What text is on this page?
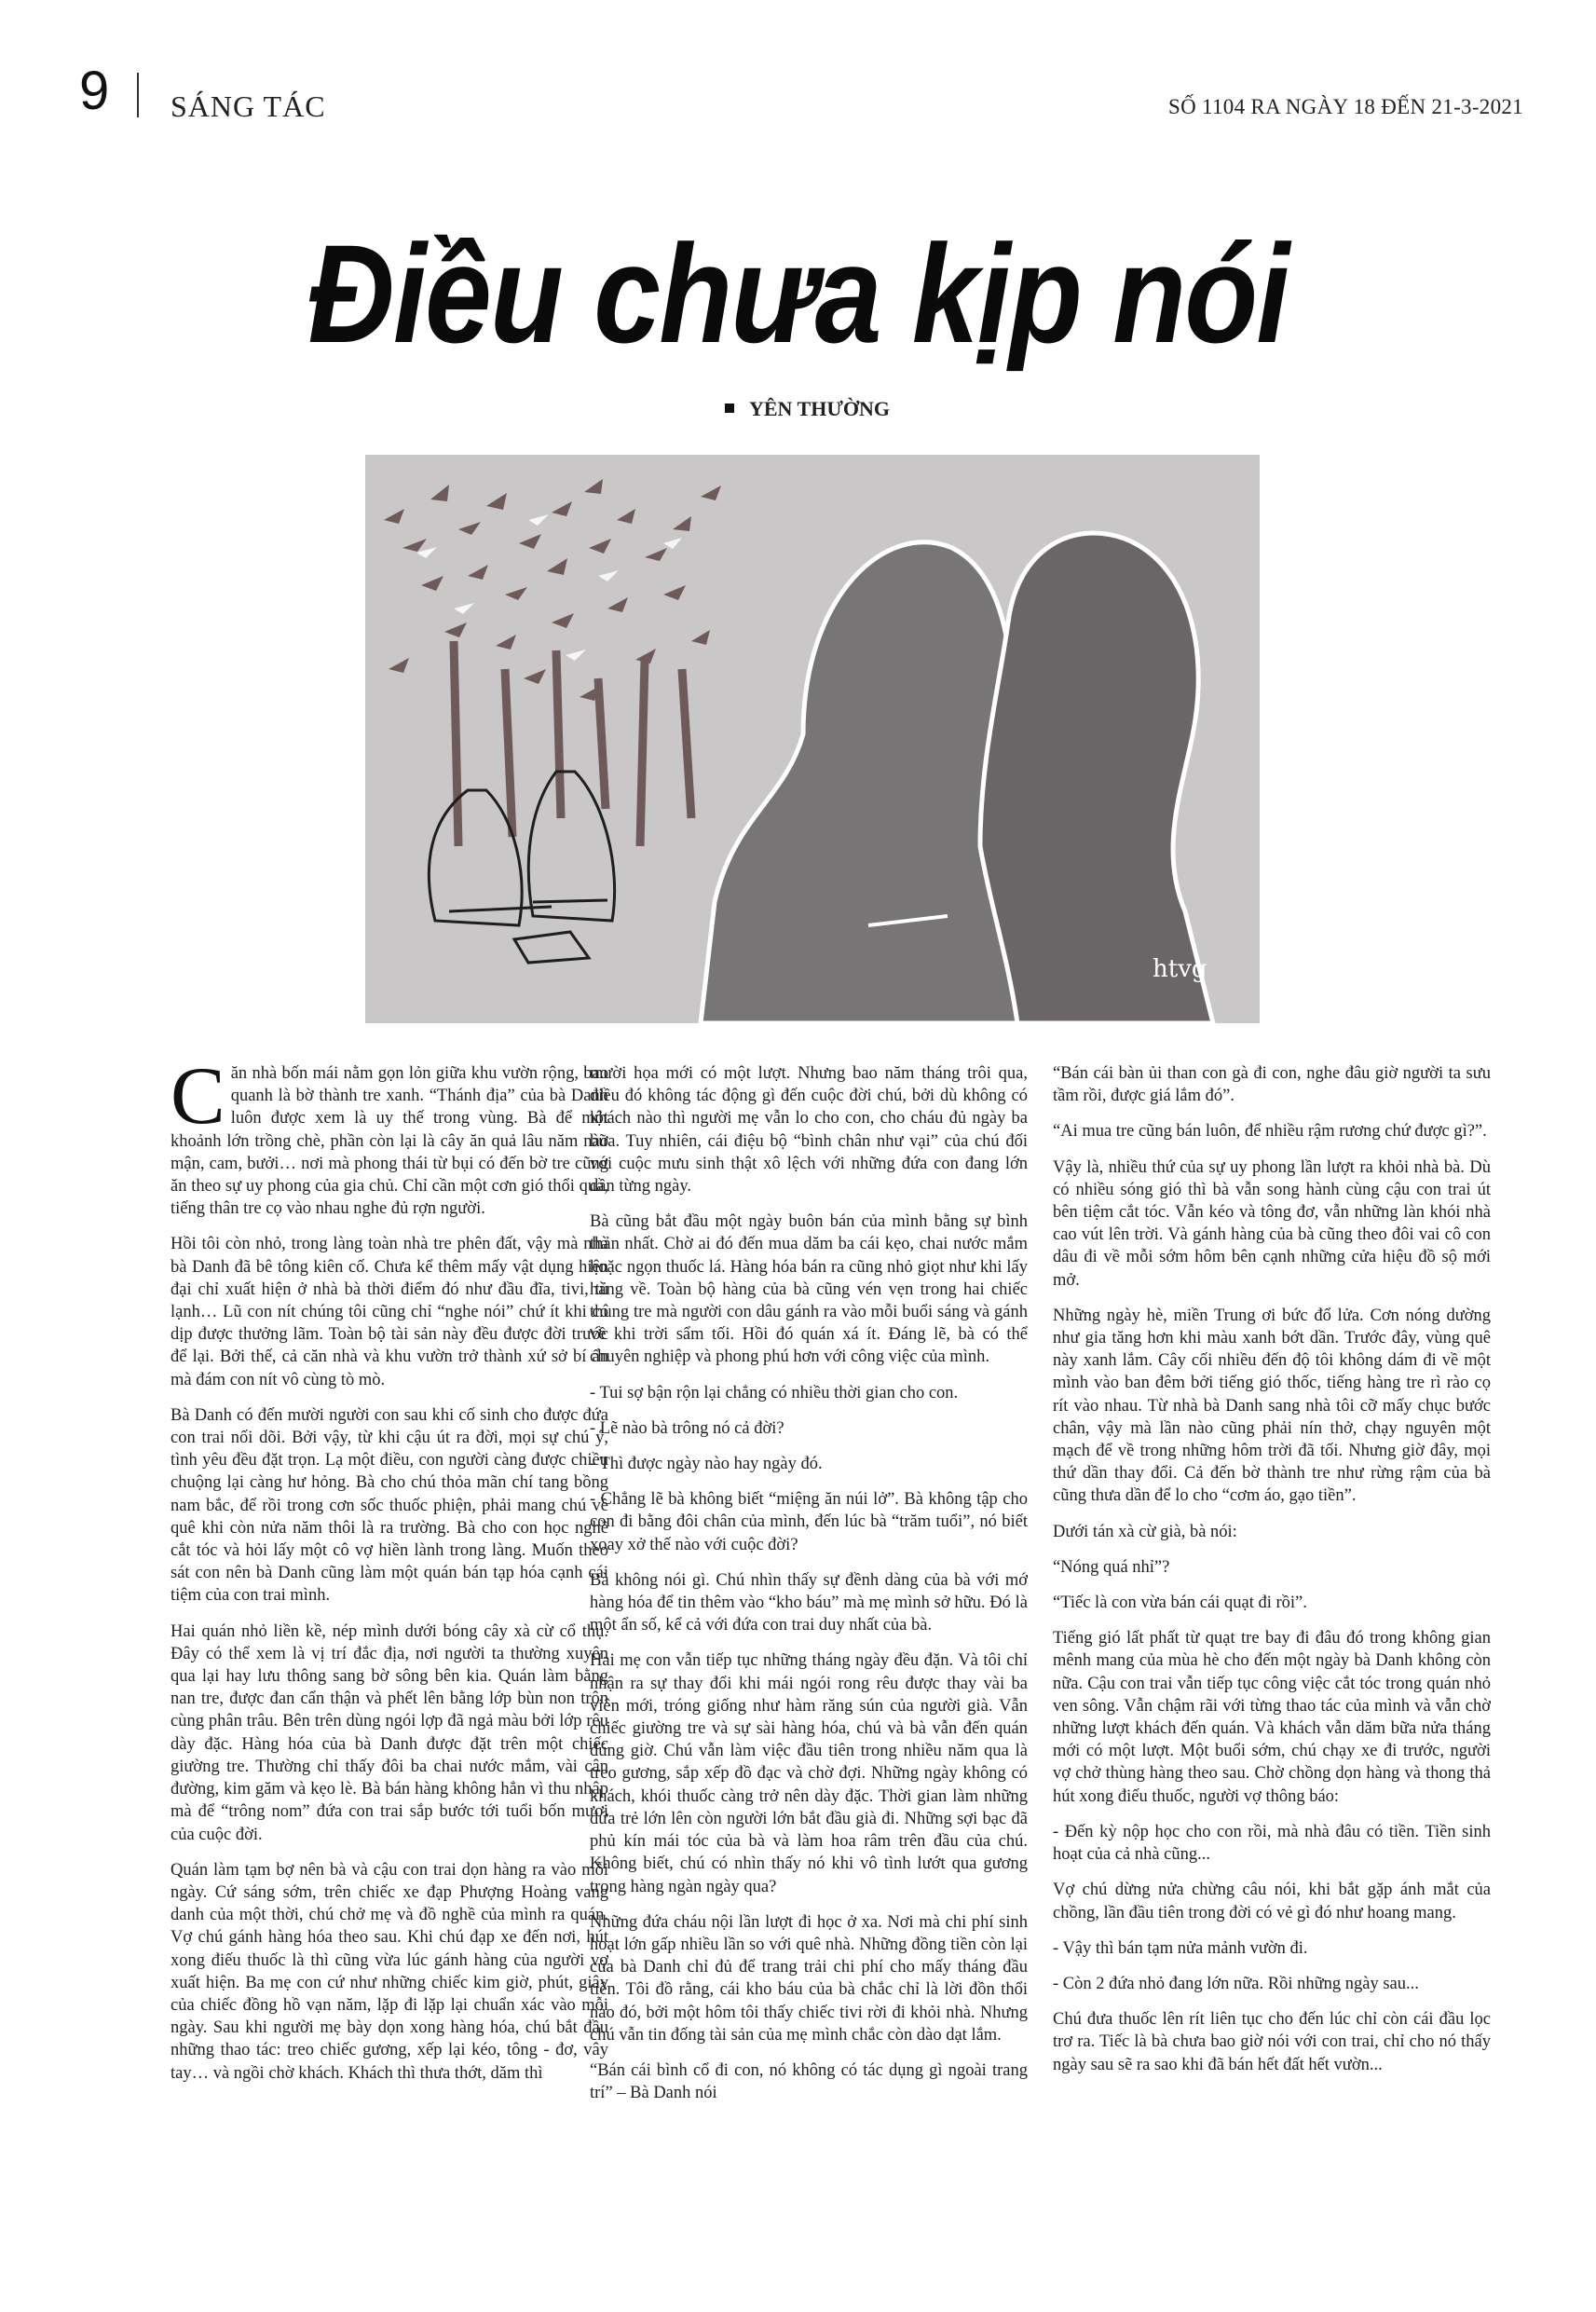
9 SÁNG TÁC	SỐ 1104 RA NGÀY 18 ĐẾN 21-3-2021
Điều chưa kịp nói
YÊN THƯỜNG
htvg

Căn nhà bốn mái nằm gọn lỏn giữa khu vườn rộng, bao quanh là bờ thành tre xanh. “Thánh địa” của bà Danh luôn được xem là uy thế trong vùng. Bà để một khoảnh lớn trồng chè, phần còn lại là cây ăn quả lâu năm nào mận, cam, bưởi… nơi mà phong thái từ bụi có đến bờ tre cũng ăn theo sự uy phong của gia chủ. Chỉ cần một cơn gió thổi qua, tiếng thân tre cọ vào nhau nghe đủ rợn người.

Hồi tôi còn nhỏ, trong làng toàn nhà tre phên đất, vậy mà nhà bà Danh đã bê tông kiên cố. Chưa kể thêm mấy vật dụng hiện đại chỉ xuất hiện ở nhà bà thời điểm đó như đầu đĩa, tivi, tủ lạnh… Lũ con nít chúng tôi cũng chỉ “nghe nói” chứ ít khi có dịp được thưởng lãm. Toàn bộ tài sản này đều được đời trước để lại. Bởi thế, cả căn nhà và khu vườn trở thành xứ sở bí ẩn mà đám con nít vô cùng tò mò.

Bà Danh có đến mười người con sau khi cố sinh cho được đứa con trai nối dõi. Bởi vậy, từ khi cậu út ra đời, mọi sự chú ý, tình yêu đều đặt trọn. Lạ một điều, con người càng được chiều chuộng lại càng hư hỏng. Bà cho chú thỏa mãn chí tang bồng nam bắc, để rồi trong cơn sốc thuốc phiện, phải mang chú về quê khi còn nửa năm thôi là ra trường. Bà cho con học nghề cắt tóc và hỏi lấy một cô vợ hiền lành trong làng. Muốn theo sát con nên bà Danh cũng làm một quán bán tạp hóa cạnh cái tiệm của con trai mình.

Hai quán nhỏ liền kề, nép mình dưới bóng cây xà cừ cổ thụ. Đây có thể xem là vị trí đắc địa, nơi người ta thường xuyên qua lại hay lưu thông sang bờ sông bên kia. Quán làm bằng nan tre, được đan cẩn thận và phết lên bằng lớp bùn non trộn cùng phân trâu. Bên trên dùng ngói lợp đã ngả màu bởi lớp rêu dày đặc. Hàng hóa của bà Danh được đặt trên một chiếc giường tre. Thường chỉ thấy đôi ba chai nước mắm, vài cân đường, kim găm và kẹo lè. Bà bán hàng không hẳn vì thu nhập mà để “trông nom” đứa con trai sắp bước tới tuổi bốn mươi của cuộc đời.

Quán làm tạm bợ nên bà và cậu con trai dọn hàng ra vào mỗi ngày. Cứ sáng sớm, trên chiếc xe đạp Phượng Hoàng vang danh của một thời, chú chở mẹ và đồ nghề của mình ra quán. Vợ chú gánh hàng hóa theo sau. Khi chú đạp xe đến nơi, hút xong điếu thuốc là thì cũng vừa lúc gánh hàng của người vợ xuất hiện. Ba mẹ con cứ như những chiếc kim giờ, phút, giây của chiếc đồng hồ vạn năm, lặp đi lặp lại chuẩn xác vào mỗi ngày. Sau khi người mẹ bày dọn xong hàng hóa, chú bắt đầu những thao tác: treo chiếc gương, xếp lại kéo, tông - đơ, vây tay… và ngồi chờ khách. Khách thì thưa thớt, dăm thì

mười họa mới có một lượt. Nhưng bao năm tháng trôi qua, điều đó không tác động gì đến cuộc đời chú, bởi dù không có khách nào thì người mẹ vẫn lo cho con, cho cháu đủ ngày ba bữa. Tuy nhiên, cái điệu bộ “bình chân như vại” của chú đối với cuộc mưu sinh thật xô lệch với những đứa con đang lớn dần từng ngày.

Bà cũng bắt đầu một ngày buôn bán của mình bằng sự bình thản nhất. Chờ ai đó đến mua dăm ba cái kẹo, chai nước mắm hoặc ngọn thuốc lá. Hàng hóa bán ra cũng nhỏ giọt như khi lấy hàng về. Toàn bộ hàng của bà cũng vén vẹn trong hai chiếc thùng tre mà người con dâu gánh ra vào mỗi buổi sáng và gánh về khi trời sẩm tối. Hồi đó quán xá ít. Đáng lẽ, bà có thể chuyên nghiệp và phong phú hơn với công việc của mình.

- Tui sợ bận rộn lại chẳng có nhiều thời gian cho con.

- Lẽ nào bà trông nó cả đời?

- Thì được ngày nào hay ngày đó.

- Chẳng lẽ bà không biết “miệng ăn núi lở”. Bà không tập cho con đi bằng đôi chân của mình, đến lúc bà “trăm tuổi”, nó biết xoay xở thế nào với cuộc đời?

Bà không nói gì. Chú nhìn thấy sự đềnh dàng của bà với mớ hàng hóa để tin thêm vào “kho báu” mà mẹ mình sở hữu. Đó là một ẩn số, kể cả với đứa con trai duy nhất của bà.

Hai mẹ con vẫn tiếp tục những tháng ngày đều đặn. Và tôi chỉ nhận ra sự thay đổi khi mái ngói rong rêu được thay vài ba viên mới, tróng giống như hàm răng sún của người già. Vẫn chiếc giường tre và sự sài hàng hóa, chú và bà vẫn đến quán đúng giờ. Chú vẫn làm việc đầu tiên trong nhiều năm qua là treo gương, sắp xếp đồ đạc và chờ đợi. Những ngày không có khách, khói thuốc càng trở nên dày đặc. Thời gian làm những đứa trẻ lớn lên còn người lớn bắt đầu già đi. Những sợi bạc đã phủ kín mái tóc của bà và làm hoa râm trên đầu của chú. Không biết, chú có nhìn thấy nó khi vô tình lướt qua gương trong hàng ngàn ngày qua?

Những đứa cháu nội lần lượt đi học ở xa. Nơi mà chi phí sinh hoạt lớn gấp nhiều lần so với quê nhà. Những đồng tiền còn lại của bà Danh chỉ đủ để trang trải chi phí cho mấy tháng đầu tiên. Tôi đồ rằng, cái kho báu của bà chắc chỉ là lời đồn thổi nào đó, bởi một hôm tôi thấy chiếc tivi rời đi khỏi nhà. Nhưng chú vẫn tin đống tài sản của mẹ mình chắc còn dào dạt lắm.

“Bán cái bình cổ đi con, nó không có tác dụng gì ngoài trang trí” – Bà Danh nói

“Bán cái bàn ủi than con gà đi con, nghe đâu giờ người ta sưu tầm rồi, được giá lắm đó”.

“Ai mua tre cũng bán luôn, để nhiều rậm rương chứ được gì?”.

Vậy là, nhiều thứ của sự uy phong lần lượt ra khỏi nhà bà. Dù có nhiều sóng gió thì bà vẫn song hành cùng cậu con trai út bên tiệm cắt tóc. Vẫn kéo và tông đơ, vẫn những làn khói nhà cao vút lên trời. Và gánh hàng của bà cũng theo đôi vai cô con dâu đi về mỗi sớm hôm bên cạnh những cửa hiệu đồ sộ mới mở.

Những ngày hè, miền Trung ơi bức đổ lửa. Cơn nóng dường như gia tăng hơn khi màu xanh bớt dần. Trước đây, vùng quê này xanh lắm. Cây cối nhiều đến độ tôi không dám đi về một mình vào ban đêm bởi tiếng gió thốc, tiếng hàng tre rì rào cọ rít vào nhau. Từ nhà bà Danh sang nhà tôi cỡ mấy chục bước chân, vậy mà lần nào cũng phải nín thở, chạy nguyên một mạch để về trong những hôm trời đã tối. Nhưng giờ đây, mọi thứ dần thay đổi. Cả đến bờ thành tre như rừng rậm của bà cũng thưa dần để lo cho “cơm áo, gạo tiền”.

Dưới tán xà cừ già, bà nói:

“Nóng quá nhỉ”?

“Tiếc là con vừa bán cái quạt đi rồi”.

Tiếng gió lất phất từ quạt tre bay đi đâu đó trong không gian mênh mang của mùa hè cho đến một ngày bà Danh không còn nữa. Cậu con trai vẫn tiếp tục công việc cắt tóc trong quán nhỏ ven sông. Vẫn chậm rãi với từng thao tác của mình và vẫn chờ những lượt khách đến quán. Và khách vẫn dăm bữa nửa tháng mới có một lượt. Một buổi sớm, chú chạy xe đi trước, người vợ chở thùng hàng theo sau. Chờ chồng dọn hàng và thong thả hút xong điếu thuốc, người vợ thông báo:

- Đến kỳ nộp học cho con rồi, mà nhà đâu có tiền. Tiền sinh hoạt của cả nhà cũng...

Vợ chú dừng nửa chừng câu nói, khi bắt gặp ánh mắt của chồng, lần đầu tiên trong đời có vẻ gì đó như hoang mang.

- Vậy thì bán tạm nửa mảnh vườn đi.

- Còn 2 đứa nhỏ đang lớn nữa. Rồi những ngày sau...

Chú đưa thuốc lên rít liên tục cho đến lúc chỉ còn cái đầu lọc trơ ra. Tiếc là bà chưa bao giờ nói với con trai, chỉ cho nó thấy ngày sau sẽ ra sao khi đã bán hết đất hết vườn...
